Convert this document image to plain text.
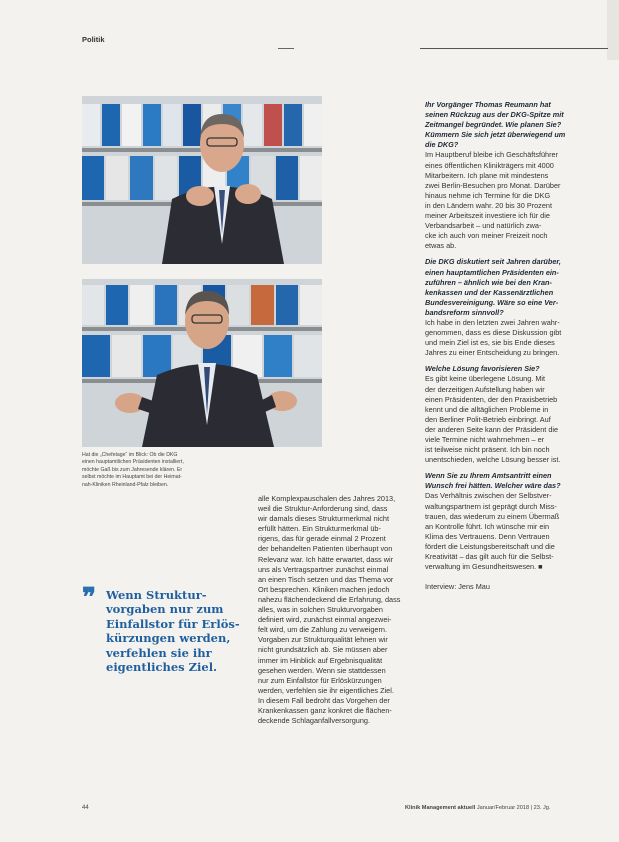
Politik
Hat die „Chefetage“ im Blick: Ob die DKG
einen hauptamtlichen Präsidenten installiert,
möchte Gaß bis zum Jahresende klären. Er
selbst möchte im Hauptamt bei der Heimat-
nah-Kliniken Rheinland-Pfalz bleiben.
❞ Wenn Struktur-
vorgaben nur zum
Einfallstor für Erlös-
kürzungen werden,
verfehlen sie ihr
eigentliches Ziel.
alle Komplexpauschalen des Jahres 2013,
weil die Struktur-Anforderung sind, dass
wir damals dieses Strukturmerkmal nicht
erfüllt hätten. Ein Strukturmerkmal üb-
rigens, das für gerade einmal 2 Prozent
der behandelten Patienten überhaupt von
Relevanz war. Ich hätte erwartet, dass wir
uns als Vertragspartner zunächst einmal
an einen Tisch setzen und das Thema vor
Ort besprechen. Kliniken machen jedoch
nahezu flächendeckend die Erfahrung, dass
alles, was in solchen Strukturvorgaben
definiert wird, zunächst einmal angezwei-
felt wird, um die Zahlung zu verweigern.
Vorgaben zur Strukturqualität lehnen wir
nicht grundsätzlich ab. Sie müssen aber
immer im Hinblick auf Ergebnisqualität
gesehen werden. Wenn sie stattdessen
nur zum Einfallstor für Erlöskürzungen
werden, verfehlen sie ihr eigentliches Ziel.
In diesem Fall bedroht das Vorgehen der
Krankenkassen ganz konkret die flächen-
deckende Schlaganfallversorgung.

Ihr Vorgänger Thomas Reumann hat
seinen Rückzug aus der DKG-Spitze mit
Zeitmangel begründet. Wie planen Sie?
Kümmern Sie sich jetzt überwiegend um
die DKG?

Im Hauptberuf bleibe ich Geschäftsführer
eines öffentlichen Klinikträgers mit 4000
Mitarbeitern. Ich plane mit mindestens
zwei Berlin-Besuchen pro Monat. Darüber
hinaus nehme ich Termine für die DKG
in den Ländern wahr. 20 bis 30 Prozent
meiner Arbeitszeit investiere ich für die
Verbandsarbeit – und natürlich zwa-
cke ich auch von meiner Freizeit noch
etwas ab.

Die DKG diskutiert seit Jahren darüber,
einen hauptamtlichen Präsidenten ein-
zuführen – ähnlich wie bei den Kran-
kenkassen und der Kassenärztlichen
Bundesvereinigung. Wäre so eine Ver-
bandsreform sinnvoll?

Ich habe in den letzten zwei Jahren wahr-
genommen, dass es diese Diskussion gibt
und mein Ziel ist es, sie bis Ende dieses
Jahres zu einer Entscheidung zu bringen.

Welche Lösung favorisieren Sie?

Es gibt keine überlegene Lösung. Mit
der derzeitigen Aufstellung haben wir
einen Präsidenten, der den Praxisbetrieb
kennt und die alltäglichen Probleme in
den Berliner Polit-Betrieb einbringt. Auf
der anderen Seite kann der Präsident die
viele Termine nicht wahrnehmen – er
ist teilweise nicht präsent. Ich bin noch
unentschieden, welche Lösung besser ist.

Wenn Sie zu Ihrem Amtsantritt einen
Wunsch frei hätten. Welcher wäre das?

Das Verhältnis zwischen der Selbstver-
waltungspartnern ist geprägt durch Miss-
trauen, das wiederum zu einem Übermaß
an Kontrolle führt. Ich wünsche mir ein
Klima des Vertrauens. Denn Vertrauen
fördert die Leistungsbereitschaft und die
Kreativität – das gilt auch für die Selbst-
verwaltung im Gesundheitswesen. ■

Interview: Jens Mau
44	Klinik Management aktuell Januar/Februar 2018 | 23. Jg.
